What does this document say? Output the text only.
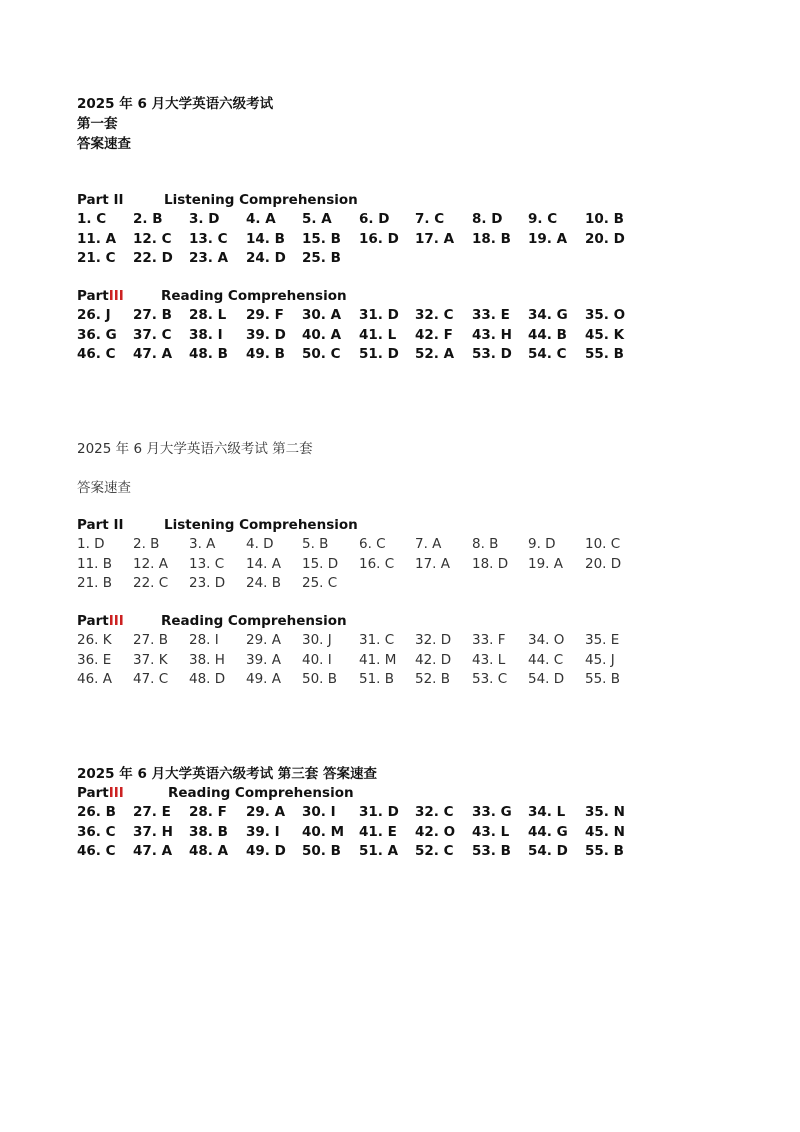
2025 年 6 月大学英语六级考试
第一套
答案速查
Part II	Listening Comprehension
PartIII	Reading Comprehension
2025 年 6 月大学英语六级考试 第二套
答案速查
Part II	Listening Comprehension
PartIII	Reading Comprehension
2025 年 6 月大学英语六级考试 第三套 答案速查
PartIII	Reading Comprehension
1. C 2. B 3. D 4. A 5. A 6. D 7. C 8. D 9. C 10. B
11. A 12. C 13. C 14. B 15. B 16. D 17. A 18. B 19. A 20. D
21. C 22. D 23. A 24. D 25. B
26. J 27. B 28. L 29. F 30. A 31. D 32. C 33. E 34. G 35. O
36. G 37. C 38. I 39. D 40. A 41. L 42. F 43. H 44. B 45. K
46. C 47. A 48. B 49. B 50. C 51. D 52. A 53. D 54. C 55. B
1. D 2. B 3. A 4. D 5. B 6. C 7. A 8. B 9. D 10. C
11. B 12. A 13. C 14. A 15. D 16. C 17. A 18. D 19. A 20. D
21. B 22. C 23. D 24. B 25. C
26. K 27. B 28. I 29. A 30. J 31. C 32. D 33. F 34. O 35. E
36. E 37. K 38. H 39. A 40. I 41. M 42. D 43. L 44. C 45. J
46. A 47. C 48. D 49. A 50. B 51. B 52. B 53. C 54. D 55. B
26. B 27. E 28. F 29. A 30. I 31. D 32. C 33. G 34. L 35. N
36. C 37. H 38. B 39. I 40. M 41. E 42. O 43. L 44. G 45. N
46. C 47. A 48. A 49. D 50. B 51. A 52. C 53. B 54. D 55. B
